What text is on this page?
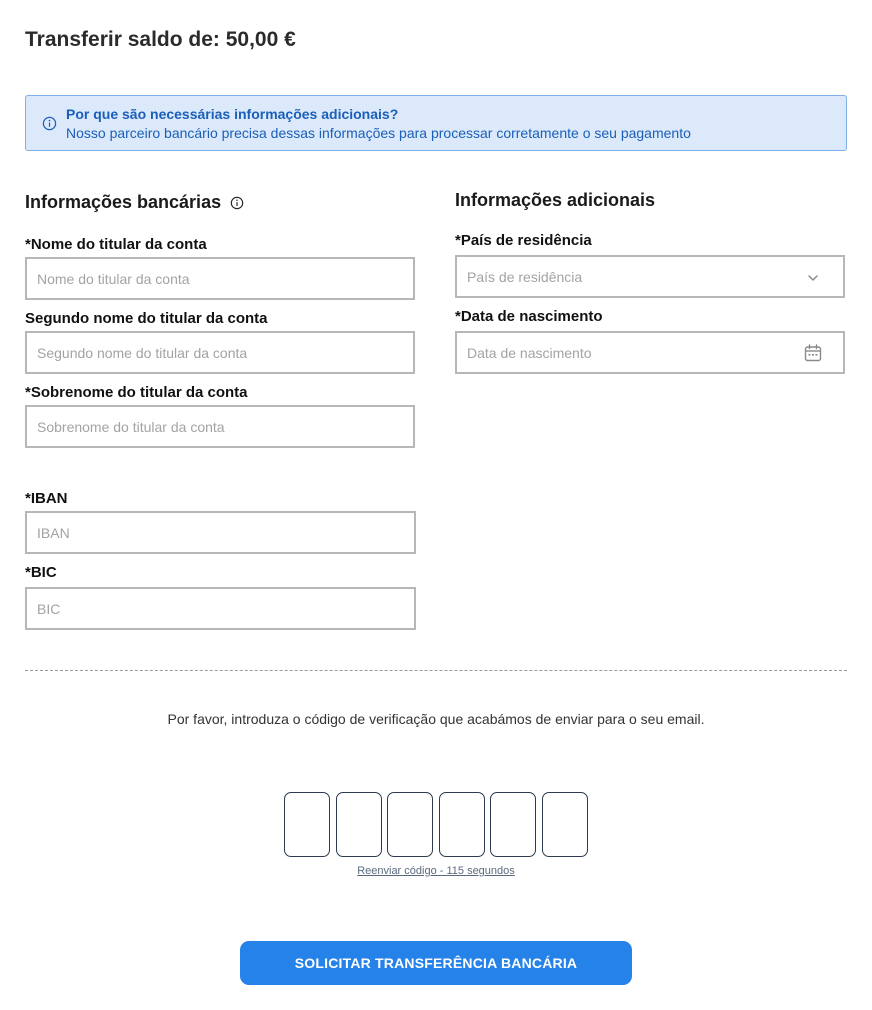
Transferir saldo de: 50,00 €
Por que são necessárias informações adicionais?
Nosso parceiro bancário precisa dessas informações para processar corretamente o seu pagamento
Informações bancárias
*Nome do titular da conta
Nome do titular da conta
Segundo nome do titular da conta
Segundo nome do titular da conta
*Sobrenome do titular da conta
Sobrenome do titular da conta
*IBAN
IBAN
*BIC
BIC
Informações adicionais
*País de residência
País de residência
*Data de nascimento
Data de nascimento
Por favor, introduza o código de verificação que acabámos de enviar para o seu email.
Reenviar código - 115 segundos
SOLICITAR TRANSFERÊNCIA BANCÁRIA
